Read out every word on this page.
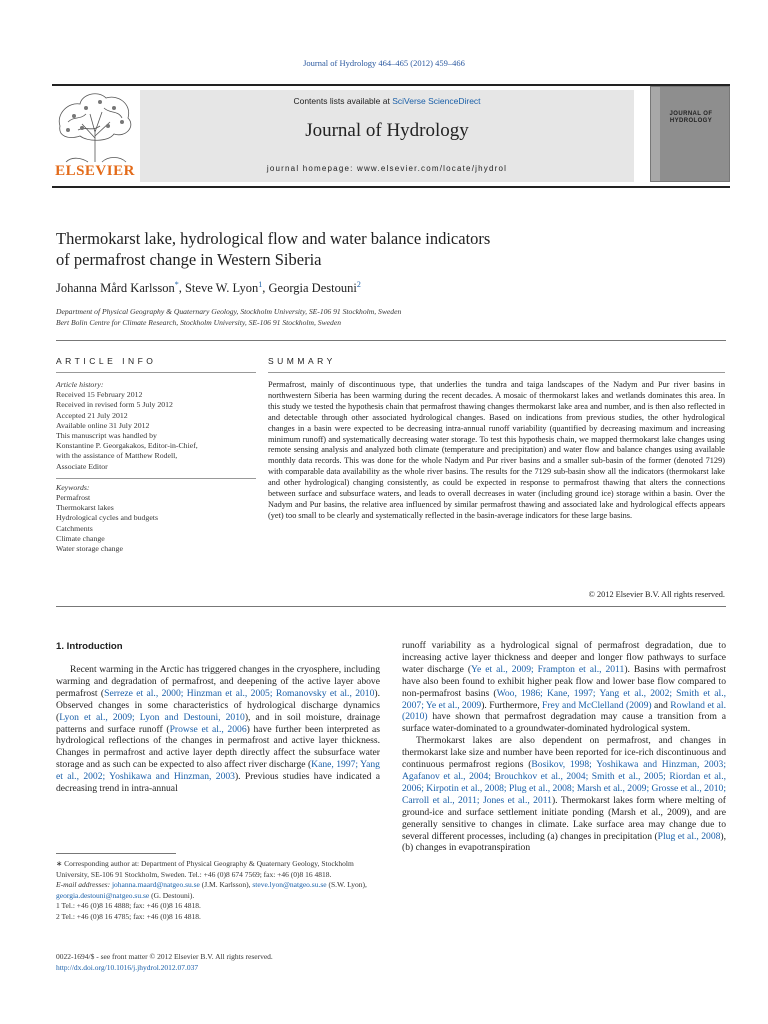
Journal of Hydrology 464–465 (2012) 459–466
ELSEVIER
Contents lists available at SciVerse ScienceDirect
Journal of Hydrology
journal homepage: www.elsevier.com/locate/jhydrol
JOURNAL OF HYDROLOGY
Thermokarst lake, hydrological flow and water balance indicators
of permafrost change in Western Siberia
Johanna Mård Karlsson*, Steve W. Lyon$^1$, Georgia Destouni$^2$
Department of Physical Geography & Quaternary Geology, Stockholm University, SE-106 91 Stockholm, Sweden
Bert Bolin Centre for Climate Research, Stockholm University, SE-106 91 Stockholm, Sweden
ARTICLE INFO	SUMMARY
Article history:
Received 15 February 2012
Received in revised form 5 July 2012
Accepted 21 July 2012
Available online 31 July 2012
This manuscript was handled by
Konstantine P. Georgakakos, Editor-in-Chief,
with the assistance of Matthew Rodell,
Associate Editor
Keywords:
Permafrost
Thermokarst lakes
Hydrological cycles and budgets
Catchments
Climate change
Water storage change
Permafrost, mainly of discontinuous type, that underlies the tundra and taiga landscapes of the Nadym and Pur river basins in northwestern Siberia has been warming during the recent decades. A mosaic of thermokarst lakes and wetlands dominates this area. In this study we tested the hypothesis chain that permafrost thawing changes thermokarst lake area and number, and is then also reflected in and detectable through other associated hydrological changes. Based on indications from previous studies, the other hydrological changes in a basin were expected to be decreasing intra-annual runoff variability (quantified by decreasing maximum and increasing minimum runoff) and systematically decreasing water storage. To test this hypothesis chain, we mapped thermokarst lake changes using remote sensing analysis and analyzed both climate (temperature and precipitation) and water flow and balance changes using available monthly data records. This was done for the whole Nadym and Pur river basins and a smaller sub-basin of the former (denoted 7129) with comparable data availability as the whole river basins. The results for the 7129 sub-basin show all the indicators (thermokarst lake and other hydrological) changing consistently, as could be expected in response to permafrost thawing that alters the connections between surface and subsurface waters, and leads to overall decreases in water (including ground ice) storage within a basin. Over the Nadym and Pur basins, the relative area influenced by similar permafrost thawing and associated lake and hydrological effects appears (yet) too small to be clearly and systematically reflected in the basin-average indicators for these large basins.
© 2012 Elsevier B.V. All rights reserved.
1. Introduction

Recent warming in the Arctic has triggered changes in the cryosphere, including warming and degradation of permafrost, and deepening of the active layer above permafrost (Serreze et al., 2000; Hinzman et al., 2005; Romanovsky et al., 2010). Observed changes in some characteristics of hydrological discharge dynamics (Lyon et al., 2009; Lyon and Destouni, 2010), and in soil moisture, drainage patterns and surface runoff (Prowse et al., 2006) have further been interpreted as hydrological reflections of the changes in permafrost and active layer thickness. Changes in permafrost and active layer depth directly affect the subsurface water storage and as such can be expected to also affect river discharge (Kane, 1997; Yang et al., 2002; Yoshikawa and Hinzman, 2003). Previous studies have indicated a decreasing trend in intra-annual

runoff variability as a hydrological signal of permafrost degradation, due to increasing active layer thickness and deeper and longer flow pathways to surface water discharge (Ye et al., 2009; Frampton et al., 2011). Basins with permafrost have also been found to exhibit higher peak flow and lower base flow compared to non-permafrost basins (Woo, 1986; Kane, 1997; Yang et al., 2002; Smith et al., 2007; Ye et al., 2009). Furthermore, Frey and McClelland (2009) and Rowland et al. (2010) have shown that permafrost degradation may cause a transition from a surface water-dominated to a groundwater-dominated hydrological system.

Thermokarst lakes are also dependent on permafrost, and changes in thermokarst lake size and number have been reported for ice-rich discontinuous and continuous permafrost regions (Bosikov, 1998; Yoshikawa and Hinzman, 2003; Agafanov et al., 2004; Brouchkov et al., 2004; Smith et al., 2005; Riordan et al., 2006; Kirpotin et al., 2008; Plug et al., 2008; Marsh et al., 2009; Grosse et al., 2010; Carroll et al., 2011; Jones et al., 2011). Thermokarst lakes form where melting of ground-ice and surface settlement initiate ponding (Marsh et al., 2009), and are generally sensitive to changes in climate. Lake surface area may change due to several different processes, including (a) changes in precipitation (Plug et al., 2008), (b) changes in evapotranspiration

∗ Corresponding author at: Department of Physical Geography & Quaternary Geology, Stockholm University, SE-106 91 Stockholm, Sweden. Tel.: +46 (0)8 674 7569; fax: +46 (0)8 16 4818.
E-mail addresses: johanna.maard@natgeo.su.se (J.M. Karlsson), steve.lyon@natgeo.su.se (S.W. Lyon), georgia.destouni@natgeo.su.se (G. Destouni).
1 Tel.: +46 (0)8 16 4888; fax: +46 (0)8 16 4818.
2 Tel.: +46 (0)8 16 4785; fax: +46 (0)8 16 4818.
0022-1694/$ - see front matter © 2012 Elsevier B.V. All rights reserved.
http://dx.doi.org/10.1016/j.jhydrol.2012.07.037
